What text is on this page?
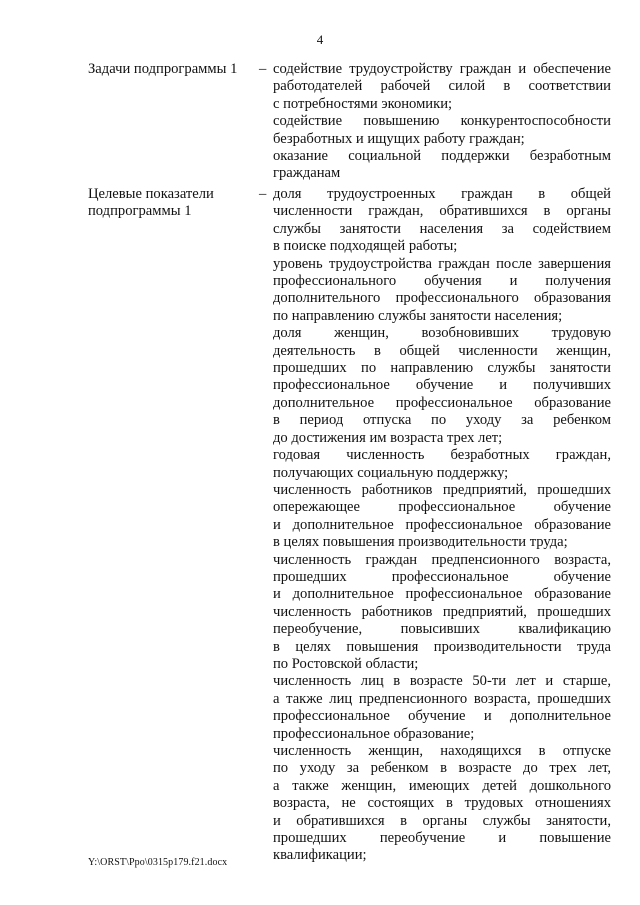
4
Задачи подпрограммы 1	– содействие трудоустройству граждан и обеспечение
работодателей рабочей силой в соответствии
с потребностями экономики;
содействие повышению конкурентоспособности
безработных и ищущих работу граждан;
оказание социальной поддержки безработным
гражданам
Целевые показатели
подпрограммы 1
– доля трудоустроенных граждан в общей
численности граждан, обратившихся в органы
службы занятости населения за содействием
в поиске подходящей работы;
уровень трудоустройства граждан после завершения
профессионального обучения и получения
дополнительного профессионального образования
по направлению службы занятости населения;
доля женщин, возобновивших трудовую
деятельность в общей численности женщин,
прошедших по направлению службы занятости
профессиональное обучение и получивших
дополнительное профессиональное образование
в период отпуска по уходу за ребенком
до достижения им возраста трех лет;
годовая численность безработных граждан,
получающих социальную поддержку;
численность работников предприятий, прошедших
опережающее профессиональное обучение
и дополнительное профессиональное образование
в целях повышения производительности труда;
численность граждан предпенсионного возраста,
прошедших профессиональное обучение
и дополнительное профессиональное образование
численность работников предприятий, прошедших
переобучение, повысивших квалификацию
в целях повышения производительности труда
по Ростовской области;
численность лиц в возрасте 50-ти лет и старше,
а также лиц предпенсионного возраста, прошедших
профессиональное обучение и дополнительное
профессиональное образование;
численность женщин, находящихся в отпуске
по уходу за ребенком в возрасте до трех лет,
а также женщин, имеющих детей дошкольного
возраста, не состоящих в трудовых отношениях
и обратившихся в органы службы занятости,
прошедших переобучение и повышение
квалификации;
Y:\ORST\Ppo\0315p179.f21.docx
